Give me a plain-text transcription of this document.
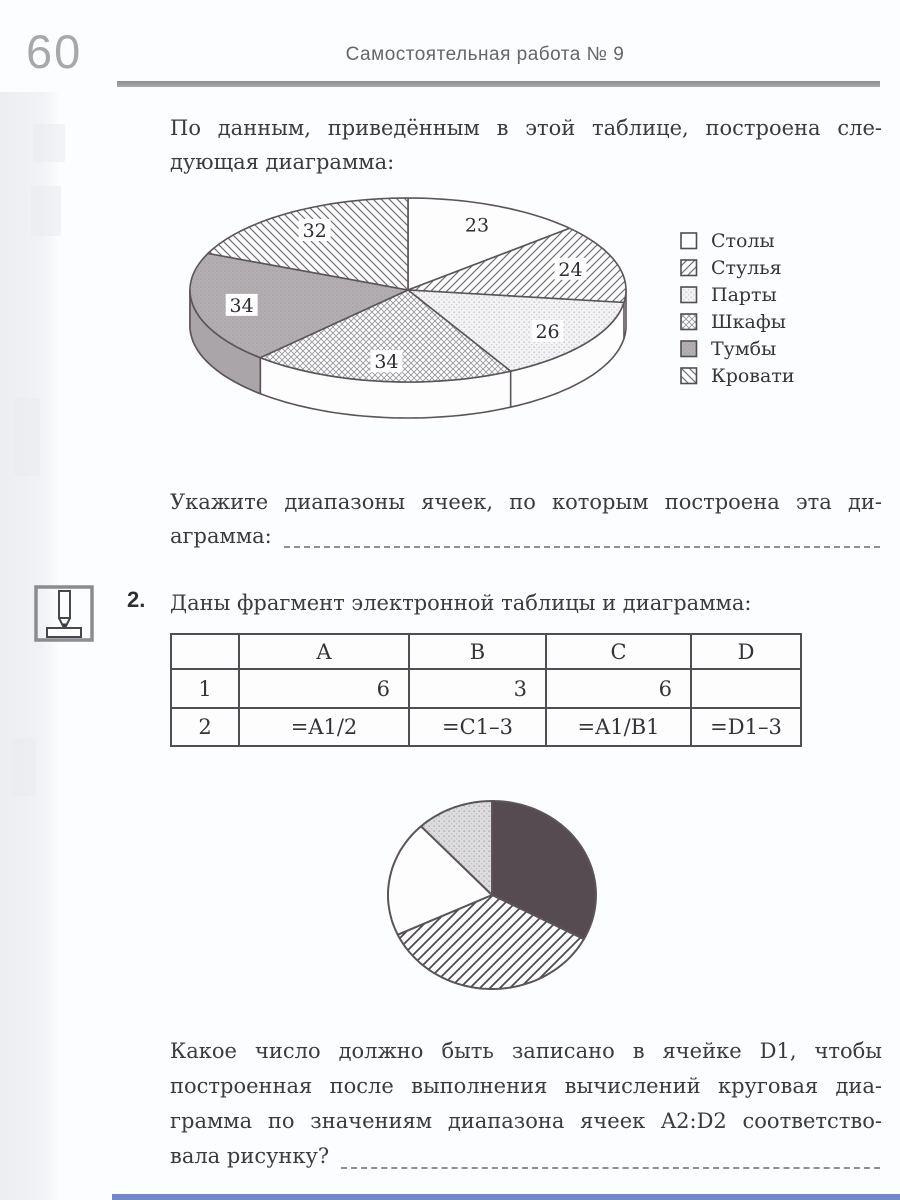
60	Самостоятельная работа № 9
По данным, приведённым в этой таблице, построена сле-
дующая диаграмма:
23
24
26
34
34
32	Столы
Стулья
Парты
Шкафы
Тумбы
Кровати
Укажите диапазоны ячеек, по которым построена эта ди-
аграмма:
2. Даны фрагмент электронной таблицы и диаграмма:
	A	B	C	D
1	6	3	6	
2	=A1/2	=C1–3	=A1/B1	=D1–3
Какое число должно быть записано в ячейке D1, чтобы
построенная после выполнения вычислений круговая диа-
грамма по значениям диапазона ячеек A2:D2 соответство-
вала рисунку?
